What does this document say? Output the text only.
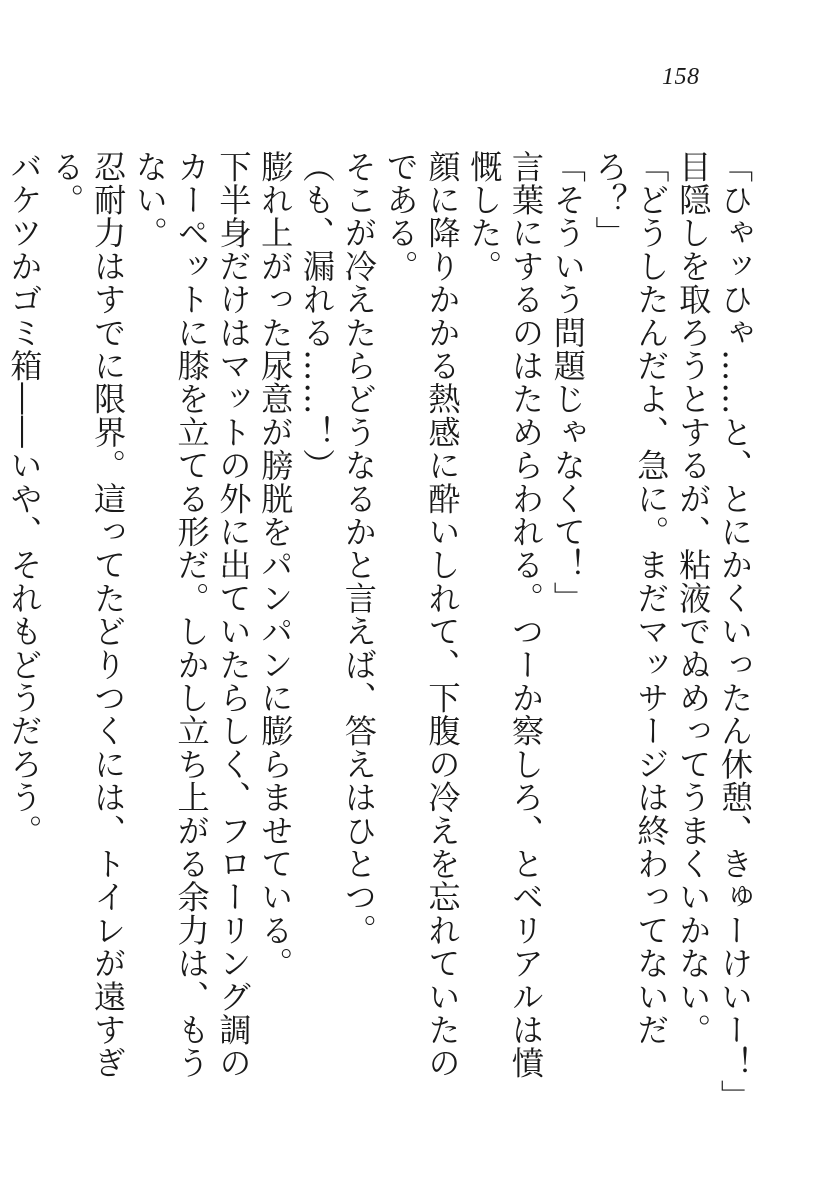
158

「ひゃッひゃ……と、とにかくいったん休憩、きゅーけいー！」

目隠しを取ろうとするが、粘液でぬめってうまくいかない。

「どうしたんだよ、急に。まだマッサージは終わってないだろ？」

「そういう問題じゃなくて！」

言葉にするのはためらわれる。つーか察しろ、とベリアルは憤慨した。

顔に降りかかる熱感に酔いしれて、下腹の冷えを忘れていたのである。

そこが冷えたらどうなるかと言えば、答えはひとつ。

（も、漏れる……！）

膨れ上がった尿意が膀胱をパンパンに膨らませている。

下半身だけはマットの外に出ていたらしく、フローリング調のカーペットに膝を立てる形だ。しかし立ち上がる余力は、もうない。

忍耐力はすでに限界。這ってたどりつくには、トイレが遠すぎる。

バケツかゴミ箱――いや、それもどうだろう。
